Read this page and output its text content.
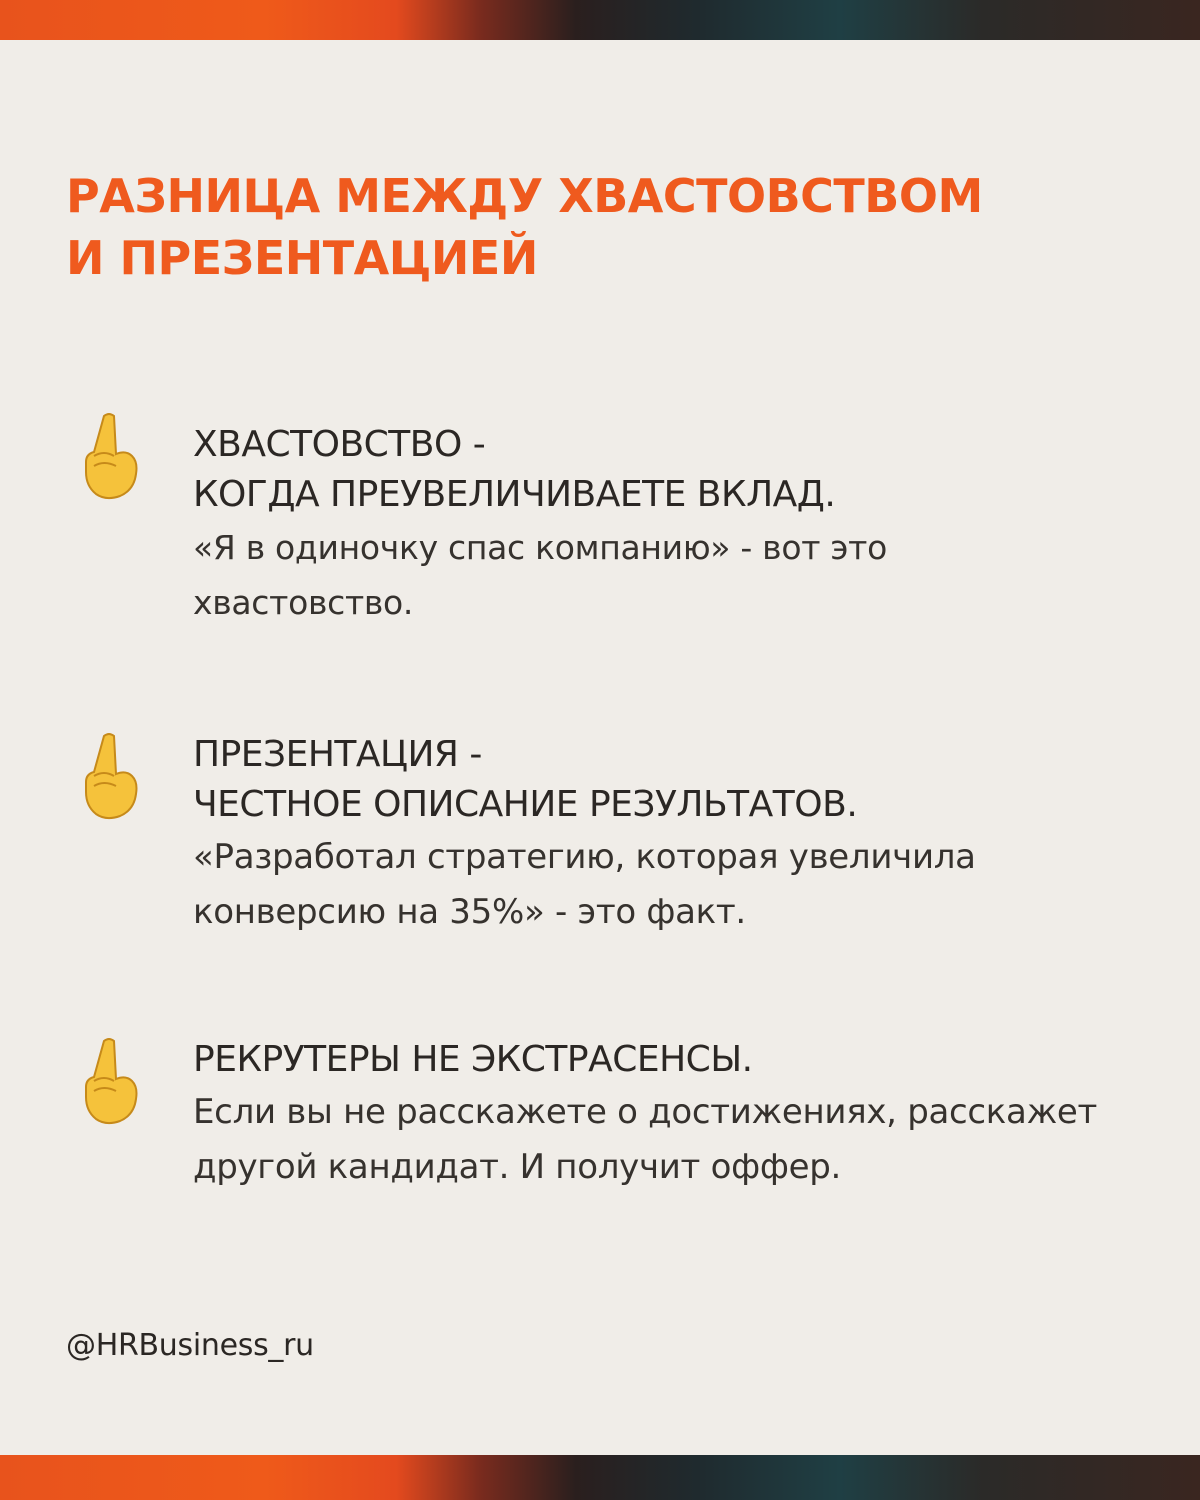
РАЗНИЦА МЕЖДУ ХВАСТОВСТВОМ
И ПРЕЗЕНТАЦИЕЙ
ХВАСТОВСТВО -
КОГДА ПРЕУВЕЛИЧИВАЕТЕ ВКЛАД.
«Я в одиночку спас компанию» - вот это
хвастовство.
ПРЕЗЕНТАЦИЯ -
ЧЕСТНОЕ ОПИСАНИЕ РЕЗУЛЬТАТОВ.
«Разработал стратегию, которая увеличила
конверсию на 35%» - это факт.
РЕКРУТЕРЫ НЕ ЭКСТРАСЕНСЫ.
Если вы не расскажете о достижениях, расскажет
другой кандидат. И получит оффер.
@HRBusiness_ru
